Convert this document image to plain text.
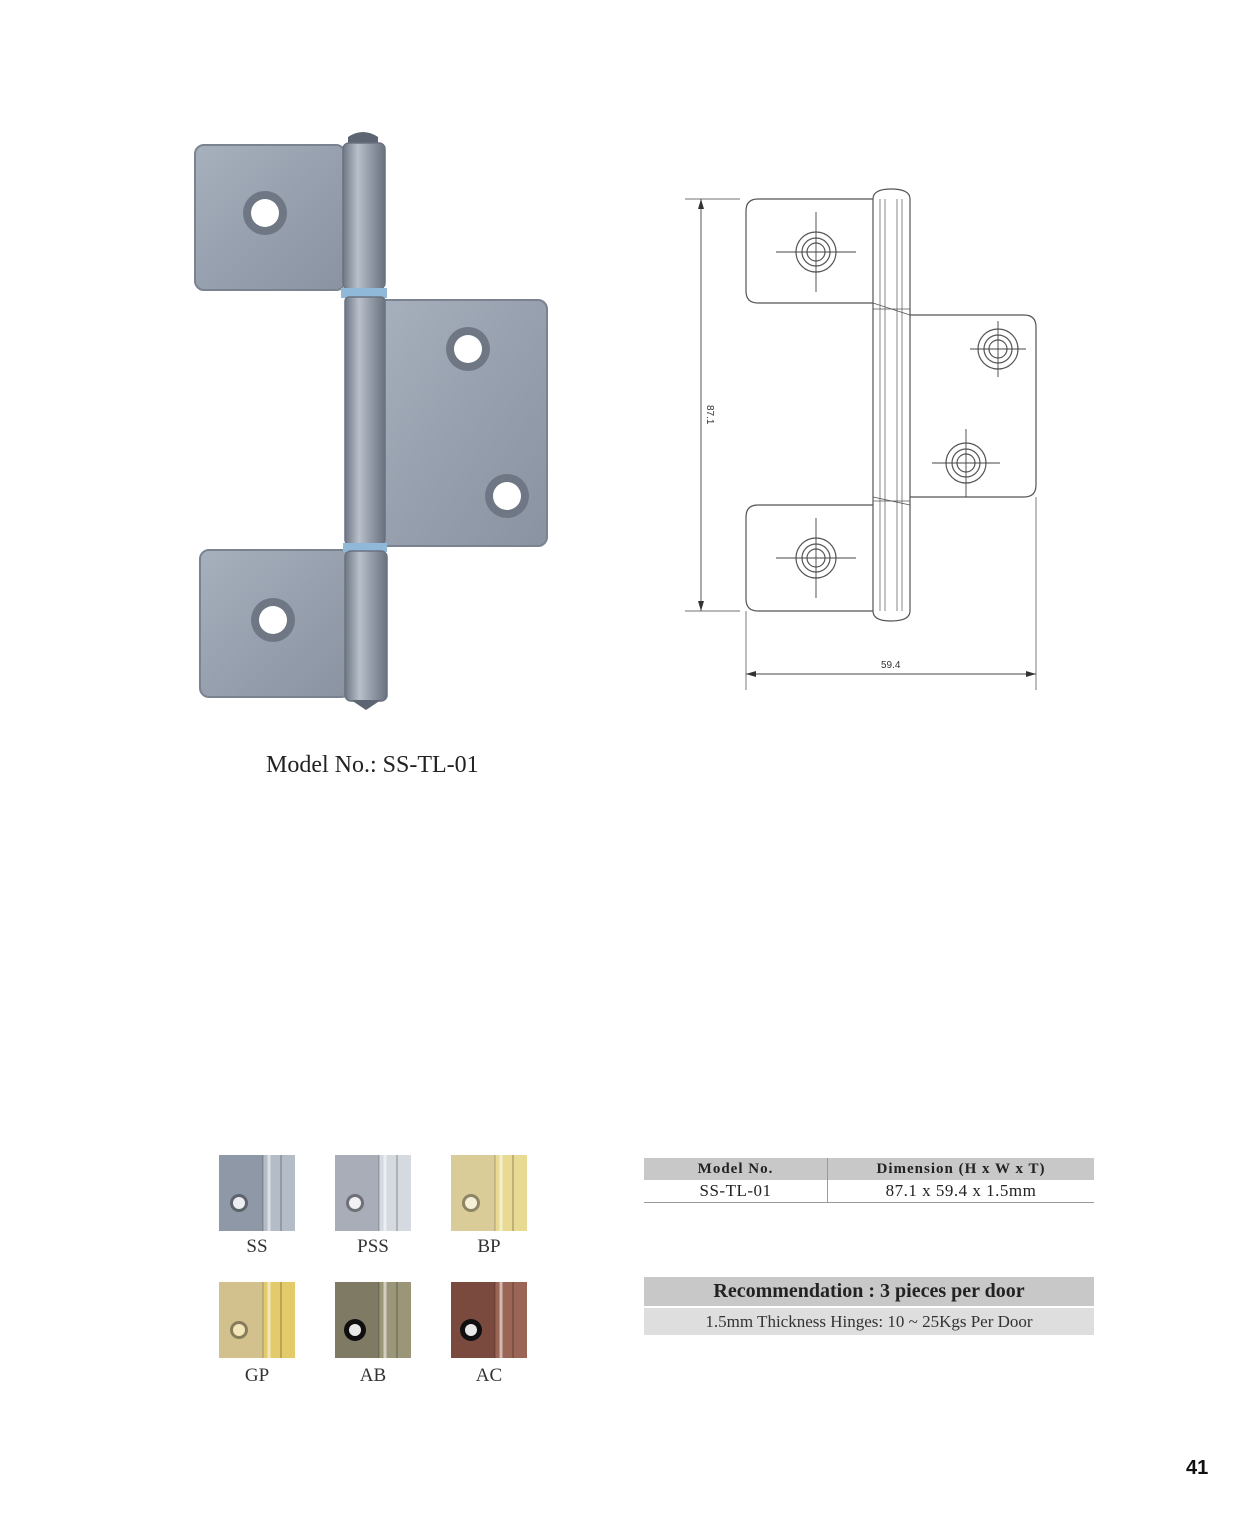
87.1
59.4
Model No.: SS-TL-01
SS	PSS	BP
GP	AB	AC
Model No.	Dimension (H x W x T)
SS-TL-01	87.1 x 59.4 x 1.5mm
Recommendation : 3 pieces per door
1.5mm Thickness Hinges: 10 ~ 25Kgs Per Door
41
